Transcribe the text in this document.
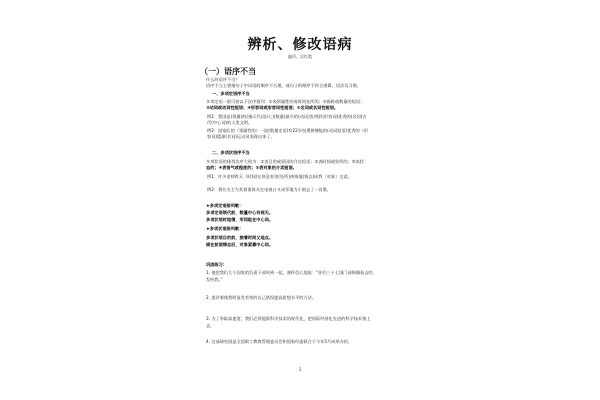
辨析、修改语病
编印、吴红霞
（一）语序不当
什么叫语序不当？
语序不当主要指句子中词语的顺序不合理，或句子的顺序不符合逻辑，语法及习惯。
一、多项定语序不当
多项定语一般可按以下次序排列：①表领属性的或时间处所的；②指称或数量的短语；
③动词或动词性短语；④形容词或形容词性短语；⑤名词或名词性短语。
例1：我国是(领属)的(指示代词)(七)(数量)最早的(动词)发明的(形容词)优秀的(名词)古
代(中心词)的人类文明。
例2：国家队的（领属性的）一批(数量定语)有22岁奋勇拼搏能的(动词短语)优秀的（形
容词)篮球(名词)运动员表现出来了。
二、多项状语序不当
多项状语的排列次序大致为：①表目的或原因的介宾短语；②表时间或处所的；③表状
态的；④表语气或程度的；⑤表对象的介宾短语。
例1：许多老师昨天（时间)在休息室里(处所)热情地(情态)同我（对象）交谈。
例2：将位关主为其着重体关在电视台又成零地为小刻去了一首歌。
★多项定语排列歌：
多项定语领代前，数量中心有规无。
多项状语时地情，形词能在中心词。
★多项状语排列歌：
多项状语目的前，接着时间又地点。
描在前面情态后，对象紧靠中心词。
巩固练习：
1. 他把我们几个国家的负责干部叫到一起，满怀信心地说：“你们三十七国门部倒偶看去的、
发听我。”
2. 批评着使我明显发有效的自己错误提高思想水平的方法。
3. 为了争取高速度，我们必须提拔科学技术的现代化，把国际经济化先进的科学技术推上
去。
4. 这部研究班是全国职工教育管理委员会和国家经委联合于今年5月成举办的。
1
